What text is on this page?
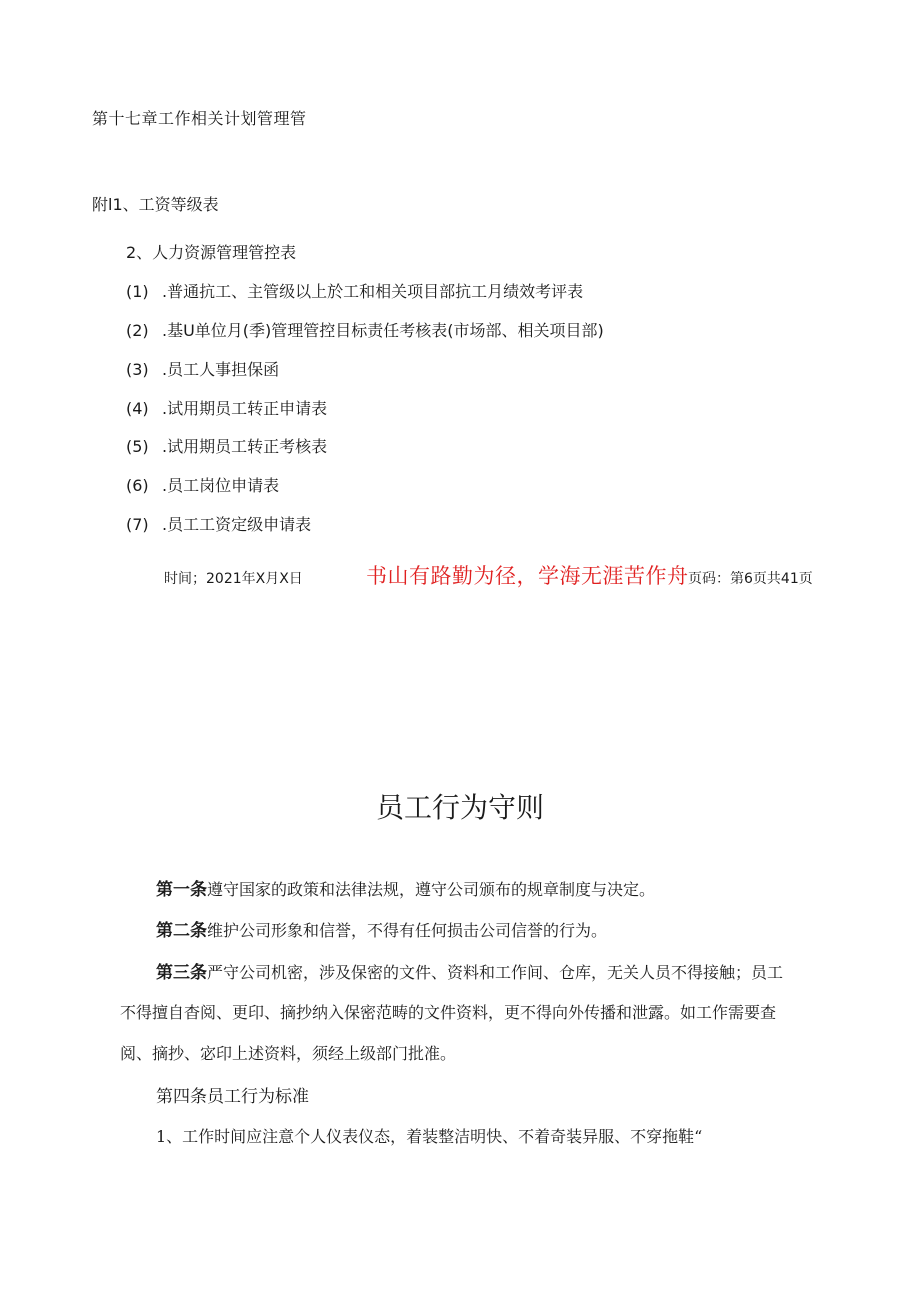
第十七章工作相关计划管理管
附l1、工资等级表
2、人力资源管理管控表
(1) .普通抗工、主管级以上於工和相关项目部抗工月绩效考评表
(2) .基U单位月(季)管理管控目标责任考核表(市场部、相关项目部)
(3) .员工人事担保函
(4) .试用期员工转正申请表
(5) .试用期员工转正考核表
(6) .员工岗位申请表
(7) .员工工资定级申请表
时间；2021年X月X日	书山有路勤为径，学海无涯苦作舟 页码：第6页共41页
员工行为守则
第一条遵守国家的政策和法律法规，遵守公司颁布的规章制度与决定。
第二条维护公司形象和信誉，不得有任何损击公司信誉的行为。
第三条严守公司机密，涉及保密的文件、资料和工作间、仓库，无关人员不得接触；员工
不得擅自杳阅、更印、摘抄纳入保密范畴的文件资料，更不得向外传播和泄露。如工作需要查
阅、摘抄、宓印上述资料，须经上级部门批准。
第四条员工行为标准
1、工作时间应注意个人仪表仪态，着装整洁明快、不着奇装异服、不穿拖鞋“
